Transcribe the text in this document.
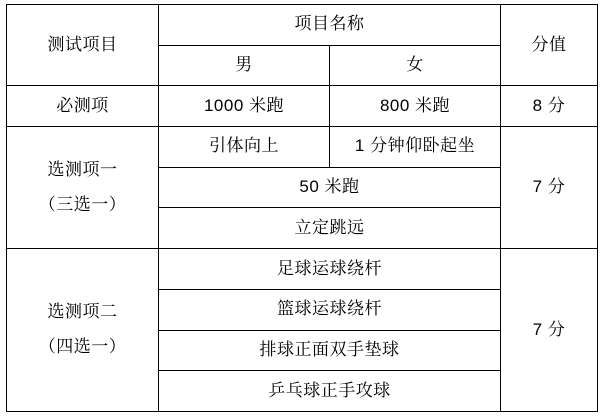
测试项目	项目名称		分值
	男	女	
必测项	1000 米跑	800 米跑	8 分

选测项一
（三选一）	引体向上	1 分钟仰卧起坐	7 分
	50 米跑		
	立定跳远		

选测项二
（四选一）	足球运球绕杆		7 分
	篮球运球绕杆		
	排球正面双手垫球		
	乒乓球正手攻球		
